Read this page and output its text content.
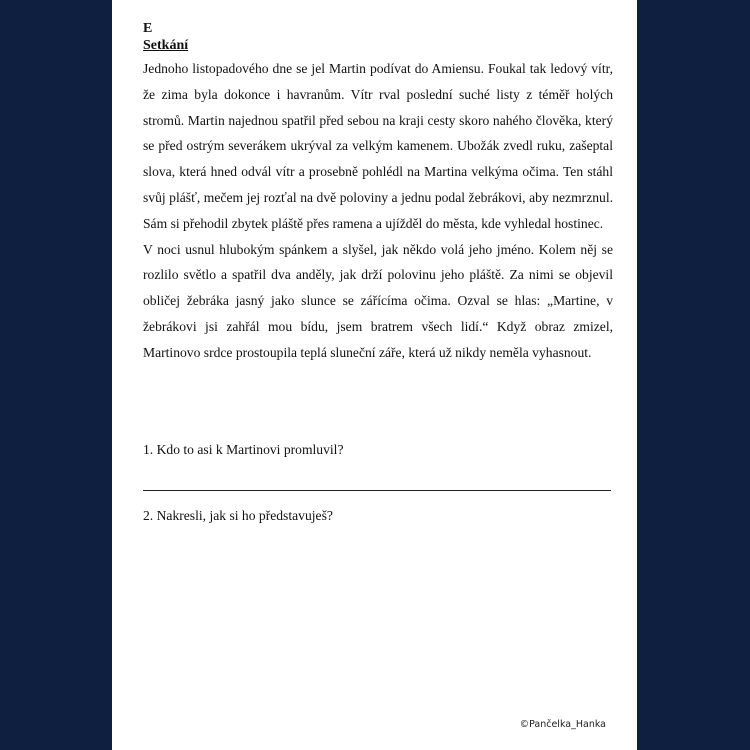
E

Setkání

Jednoho listopadového dne se jel Martin podívat do Amiensu. Foukal tak ledový vítr, že zima byla dokonce i havranům. Vítr rval poslední suché listy z téměř holých stromů. Martin najednou spatřil před sebou na kraji cesty skoro nahého člověka, který se před ostrým severákem ukrýval za velkým kamenem. Ubožák zvedl ruku, zašeptal slova, která hned odvál vítr a prosebně pohlédl na Martina velkýma očima. Ten stáhl svůj plášť, mečem jej rozťal na dvě poloviny a jednu podal žebrákovi, aby nezmrznul. Sám si přehodil zbytek pláště přes ramena a ujížděl do města, kde vyhledal hostinec.

V noci usnul hlubokým spánkem a slyšel, jak někdo volá jeho jméno. Kolem něj se rozlilo světlo a spatřil dva anděly, jak drží polovinu jeho pláště. Za nimi se objevil obličej žebráka jasný jako slunce se zářícíma očima. Ozval se hlas: „Martine, v žebrákovi jsi zahřál mou bídu, jsem bratrem všech lidí.“ Když obraz zmizel, Martinovo srdce prostoupila teplá sluneční záře, která už nikdy neměla vyhasnout.

1. Kdo to asi k Martinovi promluvil?
2. Nakresli, jak si ho představuješ?
©Pančelka_Hanka
